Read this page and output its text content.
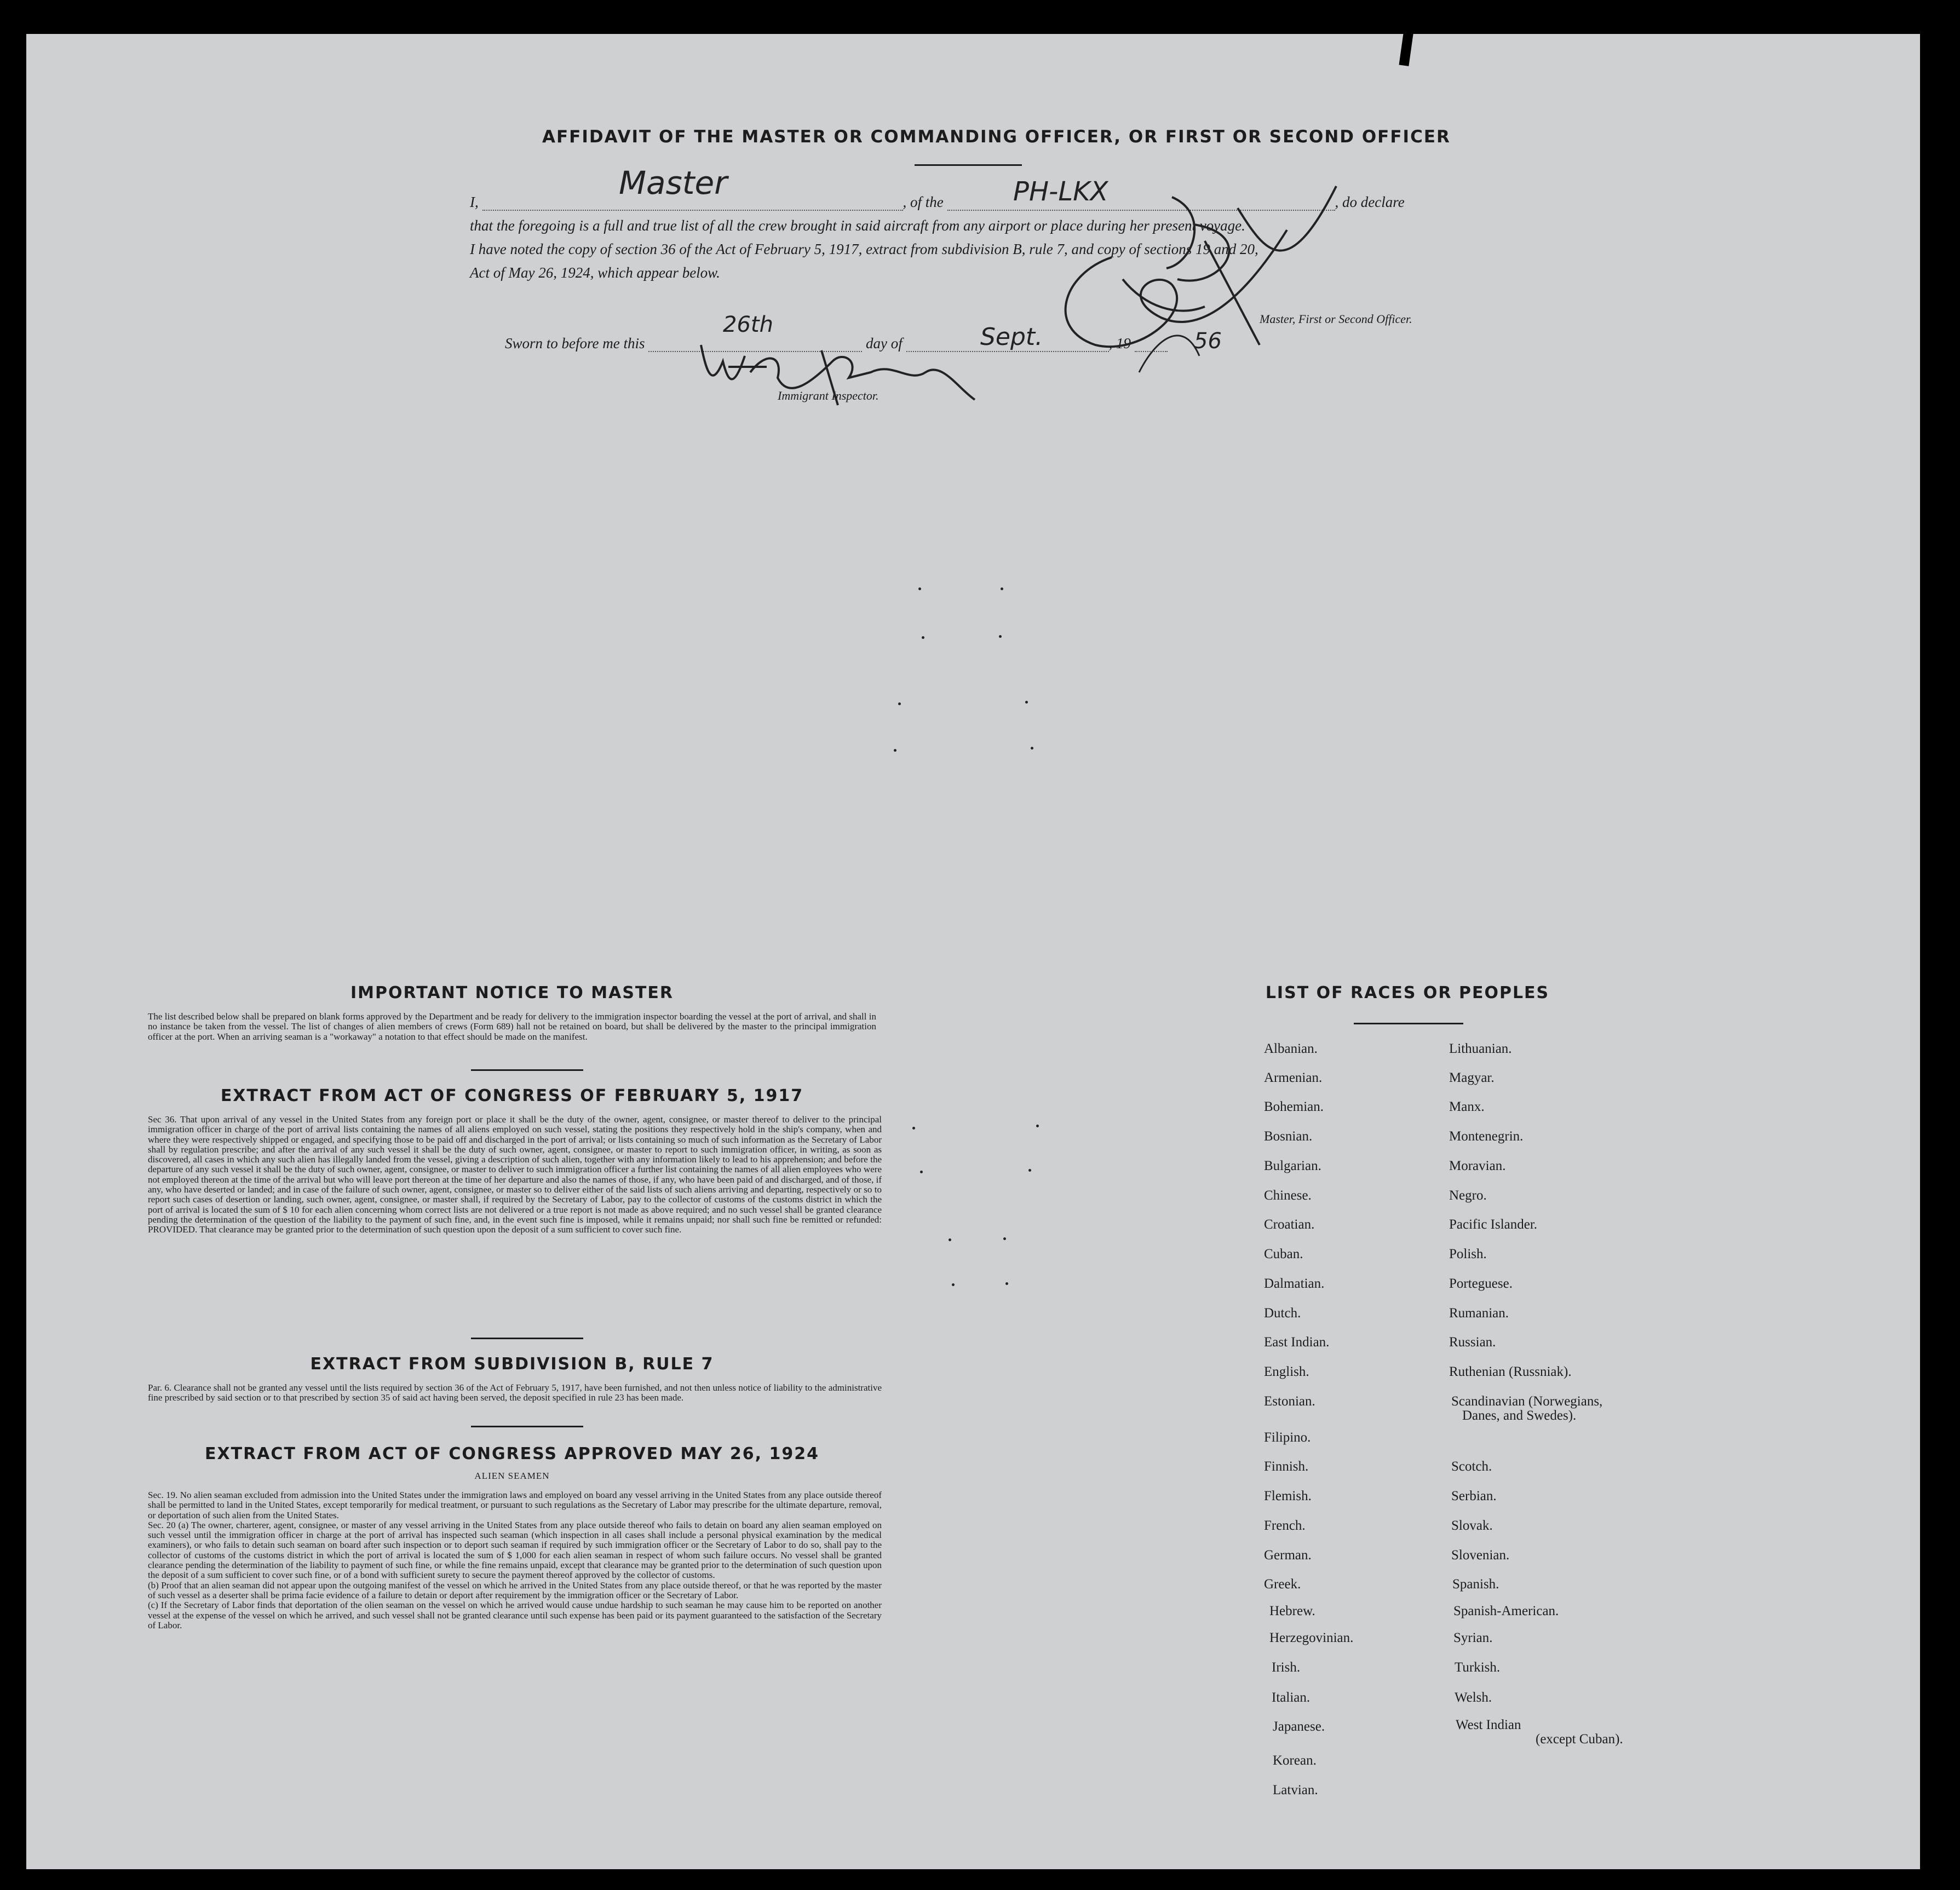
AFFIDAVIT OF THE MASTER OR COMMANDING OFFICER, OR FIRST OR SECOND OFFICER
I,	, of the	, do declare
that the foregoing is a full and true list of all the crew brought in said aircraft from any airport or place during her present voyage.
I have noted the copy of section 36 of the Act of February 5, 1917, extract from subdivision B, rule 7, and copy of sections 19 and 20,
Act of May 26, 1924, which appear below.
Master	PH-LKX
Master, First or Second Officer.
Sworn to before me this	day of	, 19
26th	Sept.	56
Immigrant Inspector.
IMPORTANT NOTICE TO MASTER
The list described below shall be prepared on blank forms approved by the Department and be ready for delivery to the immigration inspector boarding the vessel at the port of arrival, and shall in no instance be taken from the vessel. The list of changes of alien members of crews (Form 689) hall not be retained on board, but shall be delivered by the master to the principal immigration officer at the port. When an arriving seaman is a "workaway" a notation to that effect should be made on the manifest.
EXTRACT FROM ACT OF CONGRESS OF FEBRUARY 5, 1917
Sec 36. That upon arrival of any vessel in the United States from any foreign port or place it shall be the duty of the owner, agent, consignee, or master thereof to deliver to the principal immigration officer in charge of the port of arrival lists containing the names of all aliens employed on such vessel, stating the positions they respectively hold in the ship's company, when and where they were respectively shipped or engaged, and specifying those to be paid off and discharged in the port of arrival; or lists containing so much of such information as the Secretary of Labor shall by regulation prescribe; and after the arrival of any such vessel it shall be the duty of such owner, agent, consignee, or master to report to such immigration officer, in writing, as soon as discovered, all cases in which any such alien has illegally landed from the vessel, giving a description of such alien, together with any information likely to lead to his apprehension; and before the departure of any such vessel it shall be the duty of such owner, agent, consignee, or master to deliver to such immigration officer a further list containing the names of all alien employees who were not employed thereon at the time of the arrival but who will leave port thereon at the time of her departure and also the names of those, if any, who have been paid of and discharged, and of those, if any, who have deserted or landed; and in case of the failure of such owner, agent, consignee, or master so to deliver either of the said lists of such aliens arriving and departing, respectively or so to report such cases of desertion or landing, such owner, agent, consignee, or master shall, if required by the Secretary of Labor, pay to the collector of customs of the customs district in which the port of arrival is located the sum of $ 10 for each alien concerning whom correct lists are not delivered or a true report is not made as above required; and no such vessel shall be granted clearance pending the determination of the question of the liability to the payment of such fine, and, in the event such fine is imposed, while it remains unpaid; nor shall such fine be remitted or refunded: PROVIDED. That clearance may be granted prior to the determination of such question upon the deposit of a sum sufficient to cover such fine.
EXTRACT FROM SUBDIVISION B, RULE 7
Par. 6. Clearance shall not be granted any vessel until the lists required by section 36 of the Act of February 5, 1917, have been furnished, and not then unless notice of liability to the administrative fine prescribed by said section or to that prescribed by section 35 of said act having been served, the deposit specified in rule 23 has been made.
EXTRACT FROM ACT OF CONGRESS APPROVED MAY 26, 1924
ALIEN SEAMEN

Sec. 19. No alien seaman excluded from admission into the United States under the immigration laws and employed on board any vessel arriving in the United States from any place outside thereof shall be permitted to land in the United States, except temporarily for medical treatment, or pursuant to such regulations as the Secretary of Labor may prescribe for the ultimate departure, removal, or deportation of such alien from the United States.

Sec. 20 (a) The owner, charterer, agent, consignee, or master of any vessel arriving in the United States from any place outside thereof who fails to detain on board any alien seaman employed on such vessel until the immigration officer in charge at the port of arrival has inspected such seaman (which inspection in all cases shall include a personal physical examination by the medical examiners), or who fails to detain such seaman on board after such inspection or to deport such seaman if required by such immigration officer or the Secretary of Labor to do so, shall pay to the collector of customs of the customs district in which the port of arrival is located the sum of $ 1,000 for each alien seaman in respect of whom such failure occurs. No vessel shall be granted clearance pending the determination of the liability to payment of such fine, or while the fine remains unpaid, except that clearance may be granted prior to the determination of such question upon the deposit of a sum sufficient to cover such fine, or of a bond with sufficient surety to secure the payment thereof approved by the collector of customs.

(b) Proof that an alien seaman did not appear upon the outgoing manifest of the vessel on which he arrived in the United States from any place outside thereof, or that he was reported by the master of such vessel as a deserter shall be prima facie evidence of a failure to detain or deport after requirement by the immigration officer or the Secretary of Labor.

(c) If the Secretary of Labor finds that deportation of the olien seaman on the vessel on which he arrived would cause undue hardship to such seaman he may cause him to be reported on another vessel at the expense of the vessel on which he arrived, and such vessel shall not be granted clearance until such expense has been paid or its payment guaranteed to the satisfaction of the Secretary of Labor.

LIST OF RACES OR PEOPLES
Albanian.
Armenian.
Bohemian.
Bosnian.
Bulgarian.
Chinese.
Croatian.
Cuban.
Dalmatian.
Dutch.
East Indian.
English.
Estonian.
Filipino.
Finnish.
Flemish.
French.
German.
Greek.
Hebrew.
Herzegovinian.
Irish.
Italian.
Japanese.
Korean.
Latvian.
Lithuanian.
Magyar.
Manx.
Montenegrin.
Moravian.
Negro.
Pacific Islander.
Polish.
Porteguese.
Rumanian.
Russian.
Ruthenian (Russniak).
Scandinavian (Norwegians,
Danes, and Swedes).
Scotch.
Serbian.
Slovak.
Slovenian.
Spanish.
Spanish-American.
Syrian.
Turkish.
Welsh.
West Indian
(except Cuban).
